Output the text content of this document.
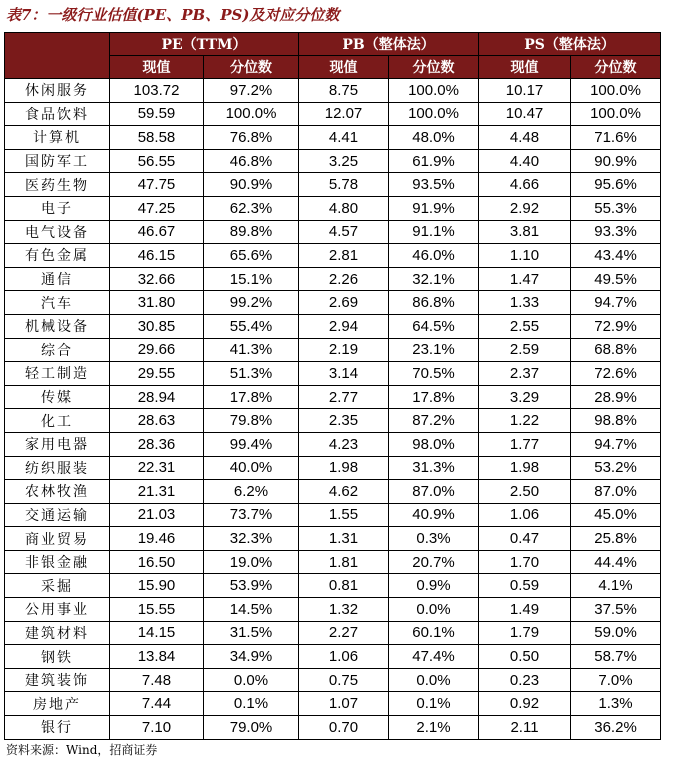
表7：一级行业估值(PE、PB、PS)及对应分位数
	PE（TTM）		PB（整体法）		PS（整体法）	
	现值	分位数	现值	分位数	现值	分位数
休闲服务	103.72	97.2%	8.75	100.0%	10.17	100.0%
食品饮料	59.59	100.0%	12.07	100.0%	10.47	100.0%
计算机	58.58	76.8%	4.41	48.0%	4.48	71.6%
国防军工	56.55	46.8%	3.25	61.9%	4.40	90.9%
医药生物	47.75	90.9%	5.78	93.5%	4.66	95.6%
电子	47.25	62.3%	4.80	91.9%	2.92	55.3%
电气设备	46.67	89.8%	4.57	91.1%	3.81	93.3%
有色金属	46.15	65.6%	2.81	46.0%	1.10	43.4%
通信	32.66	15.1%	2.26	32.1%	1.47	49.5%
汽车	31.80	99.2%	2.69	86.8%	1.33	94.7%
机械设备	30.85	55.4%	2.94	64.5%	2.55	72.9%
综合	29.66	41.3%	2.19	23.1%	2.59	68.8%
轻工制造	29.55	51.3%	3.14	70.5%	2.37	72.6%
传媒	28.94	17.8%	2.77	17.8%	3.29	28.9%
化工	28.63	79.8%	2.35	87.2%	1.22	98.8%
家用电器	28.36	99.4%	4.23	98.0%	1.77	94.7%
纺织服装	22.31	40.0%	1.98	31.3%	1.98	53.2%
农林牧渔	21.31	6.2%	4.62	87.0%	2.50	87.0%
交通运输	21.03	73.7%	1.55	40.9%	1.06	45.0%
商业贸易	19.46	32.3%	1.31	0.3%	0.47	25.8%
非银金融	16.50	19.0%	1.81	20.7%	1.70	44.4%
采掘	15.90	53.9%	0.81	0.9%	0.59	4.1%
公用事业	15.55	14.5%	1.32	0.0%	1.49	37.5%
建筑材料	14.15	31.5%	2.27	60.1%	1.79	59.0%
钢铁	13.84	34.9%	1.06	47.4%	0.50	58.7%
建筑装饰	7.48	0.0%	0.75	0.0%	0.23	7.0%
房地产	7.44	0.1%	1.07	0.1%	0.92	1.3%
银行	7.10	79.0%	0.70	2.1%	2.11	36.2%
资料来源：Wind，招商证券
